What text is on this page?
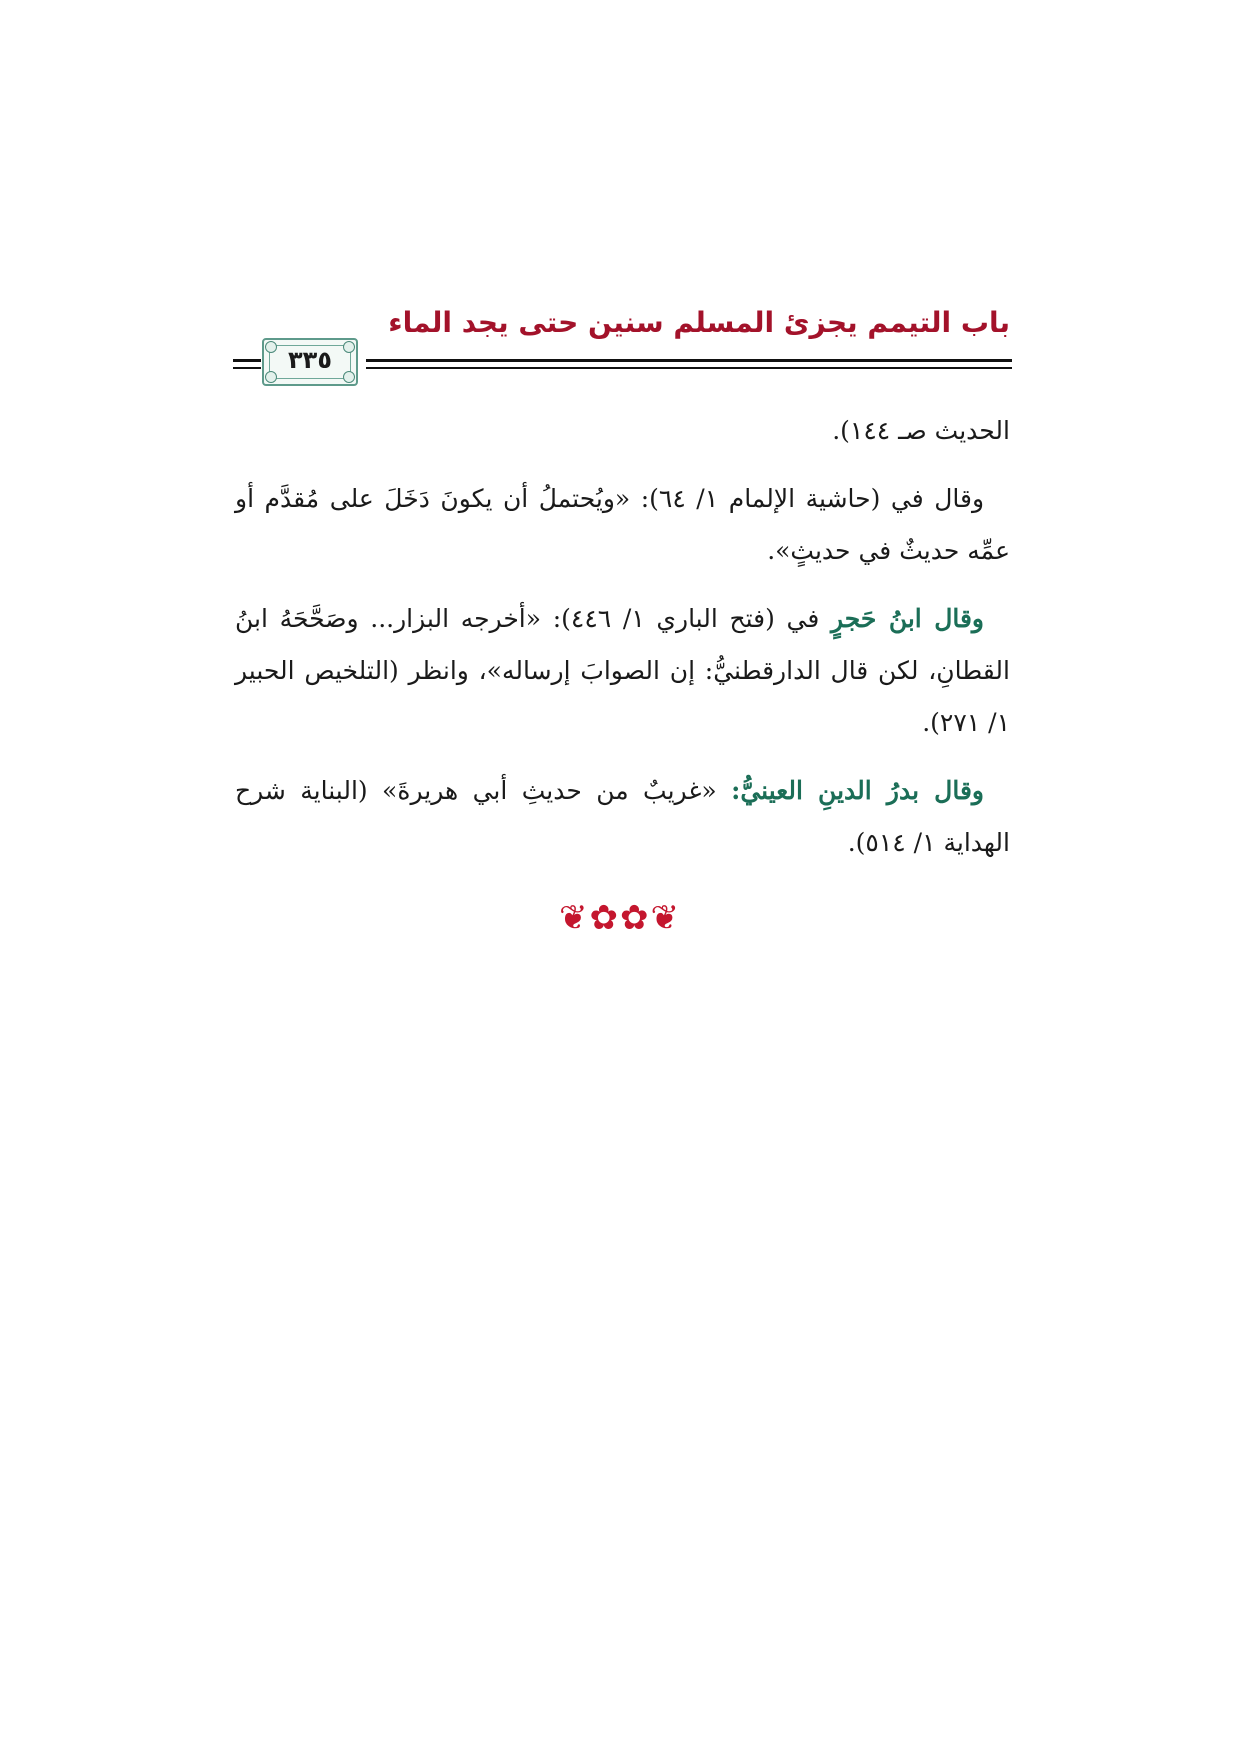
باب التيمم يجزئ المسلم سنين حتى يجد الماء
٣٣٥

الحديث صـ ١٤٤).

وقال في (حاشية الإلمام ١/ ٦٤): «ويُحتملُ أن يكونَ دَخَلَ على مُقدَّم أو عمِّه حديثٌ في حديثٍ».

وقال ابنُ حَجرٍ في (فتح الباري ١/ ٤٤٦): «أخرجه البزار... وصَحَّحَهُ ابنُ القطانِ، لكن قال الدارقطنيُّ: إن الصوابَ إرساله»، وانظر (التلخيص الحبير ١/ ٢٧١).

وقال بدرُ الدينِ العينيُّ: «غريبٌ من حديثِ أبي هريرةَ» (البناية شرح الهداية ١/ ٥١٤).

❦✿✿❦
